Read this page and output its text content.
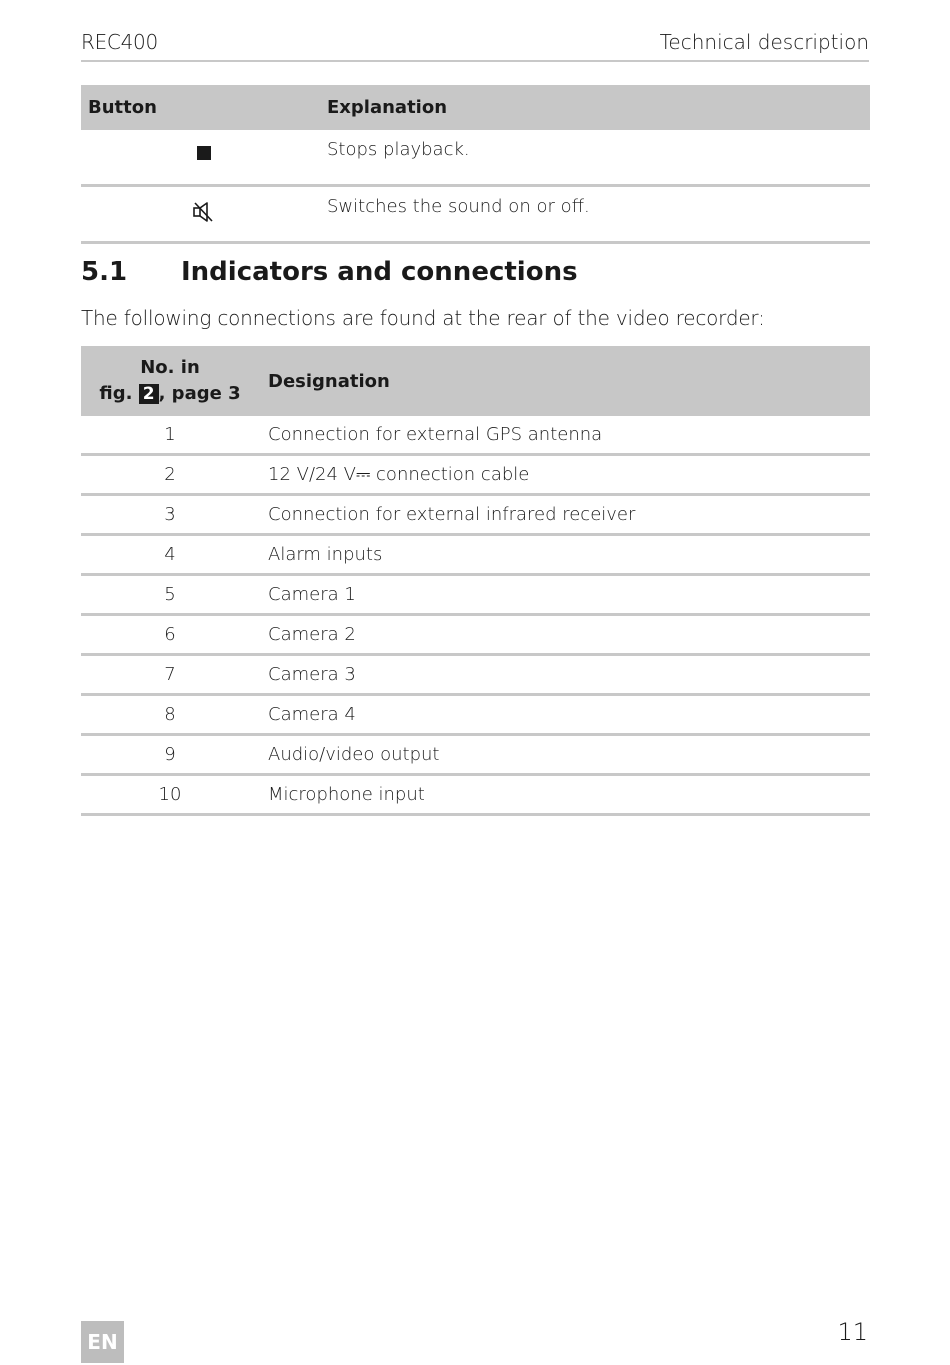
REC400	Technical description
Button	Explanation
	Stops playback.
	Switches the sound on or off.
5.1 Indicators and connections

The following connections are found at the rear of the video recorder:

No. in
fig. 2 , page 3	Designation
1	Connection for external GPS antenna
2	12 V/24 V⎓ connection cable
3	Connection for external infrared receiver
4	Alarm inputs
5	Camera 1
6	Camera 2
7	Camera 3
8	Camera 4
9	Audio/video output
10	Microphone input
EN	11
